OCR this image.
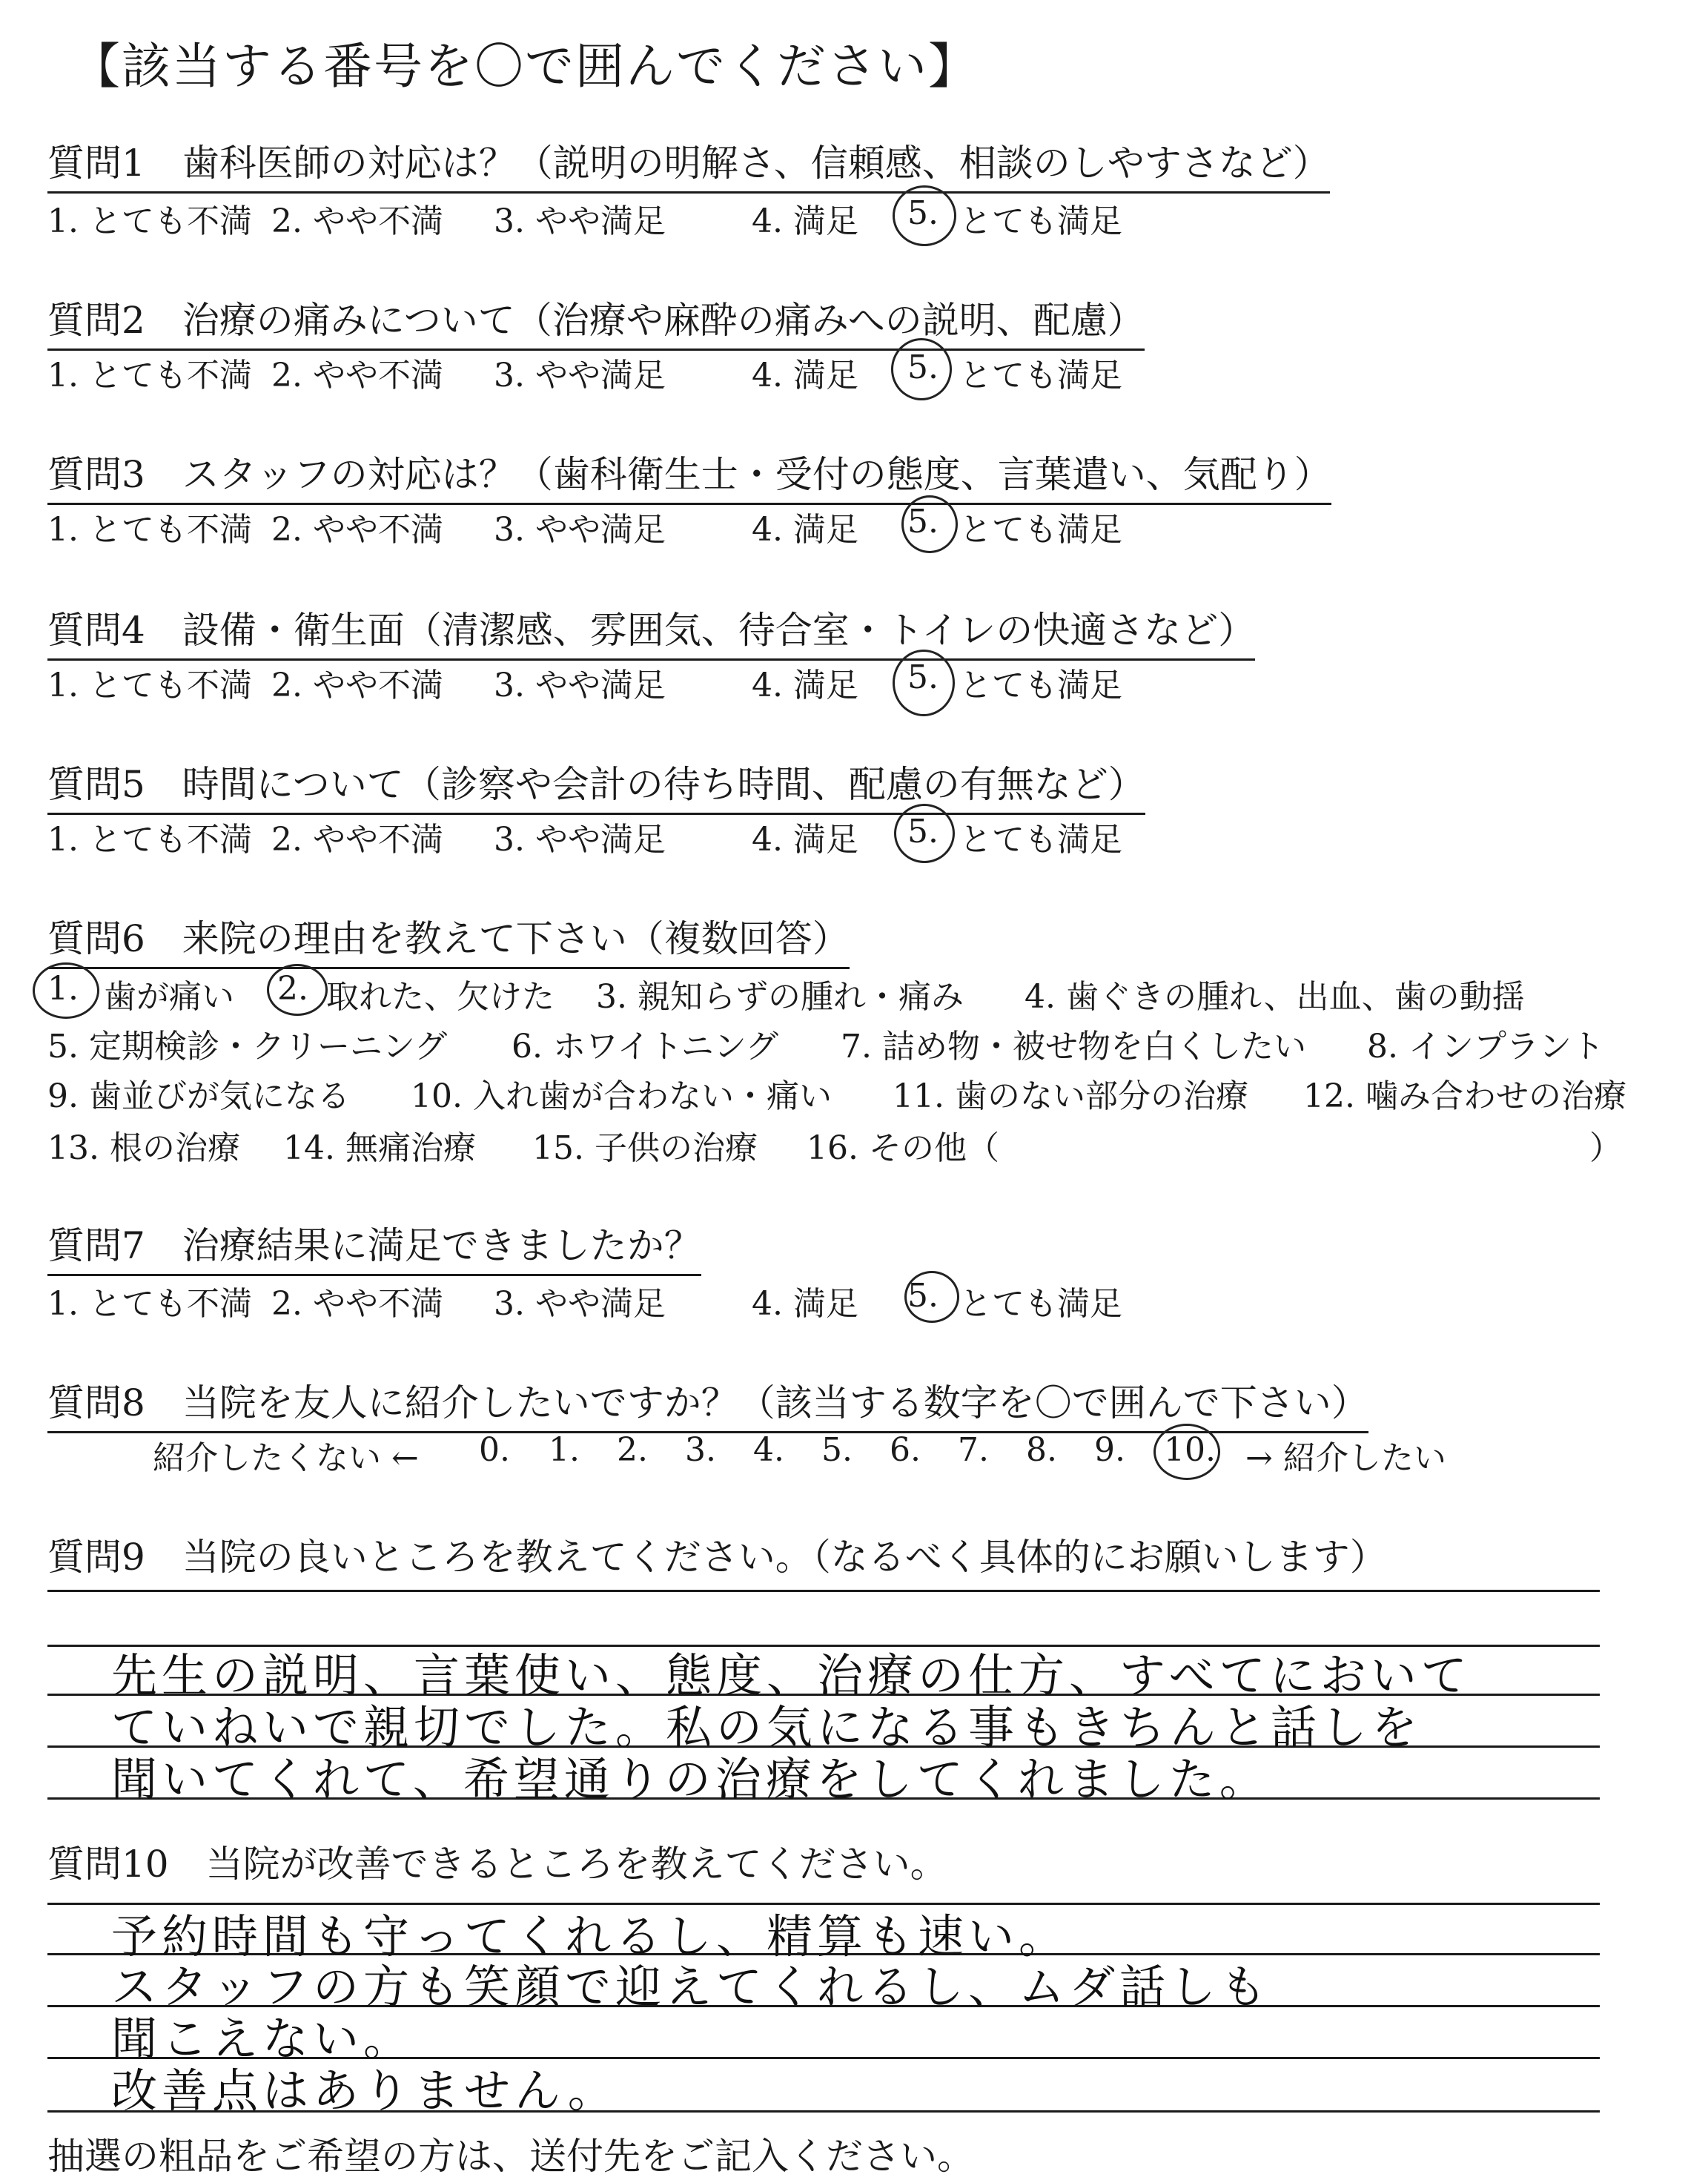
【該当する番号を〇で囲んでください】
質問1　歯科医師の対応は？（説明の明解さ、信頼感、相談のしやすさなど）
1. とても不満 2. やや不満 3. やや満足	4. 満足 5. とても満足
質問2　治療の痛みについて（治療や麻酔の痛みへの説明、配慮）
1. とても不満 2. やや不満 3. やや満足	4. 満足 5. とても満足
質問3　スタッフの対応は？（歯科衛生士・受付の態度、言葉遣い、気配り）
1. とても不満 2. やや不満 3. やや満足	4. 満足 5. とても満足
質問4　設備・衛生面（清潔感、雰囲気、待合室・トイレの快適さなど）
1. とても不満 2. やや不満 3. やや満足	4. 満足 5. とても満足
質問5　時間について（診察や会計の待ち時間、配慮の有無など）
1. とても不満 2. やや不満 3. やや満足	4. 満足 5. とても満足
質問6　来院の理由を教えて下さい（複数回答）
1. 歯が痛い 2. 取れた、欠けた 3. 親知らずの腫れ・痛み 4. 歯ぐきの腫れ、出血、歯の動揺
5. 定期検診・クリーニング 6. ホワイトニング 7. 詰め物・被せ物を白くしたい 8. インプラント
9. 歯並びが気になる 10. 入れ歯が合わない・痛い 11. 歯のない部分の治療 12. 噛み合わせの治療
13. 根の治療 14. 無痛治療 15. 子供の治療 16. その他（	）
質問7　治療結果に満足できましたか？
1. とても不満 2. やや不満 3. やや満足	4. 満足 5. とても満足
質問8　当院を友人に紹介したいですか？（該当する数字を〇で囲んで下さい）
紹介したくない ← 0. 1. 2. 3. 4. 5. 6. 7. 8. 9. 10. → 紹介したい
質問9　当院の良いところを教えてください。（なるべく具体的にお願いします）
先生の説明、言葉使い、態度、治療の仕方、すべてにおいて
ていねいで親切でした。私の気になる事もきちんと話しを
聞いてくれて、希望通りの治療をしてくれました。
質問10　当院が改善できるところを教えてください。
予約時間も守ってくれるし、精算も速い。
スタッフの方も笑顔で迎えてくれるし、ムダ話しも
聞こえない。
改善点はありません。
抽選の粗品をご希望の方は、送付先をご記入ください。
